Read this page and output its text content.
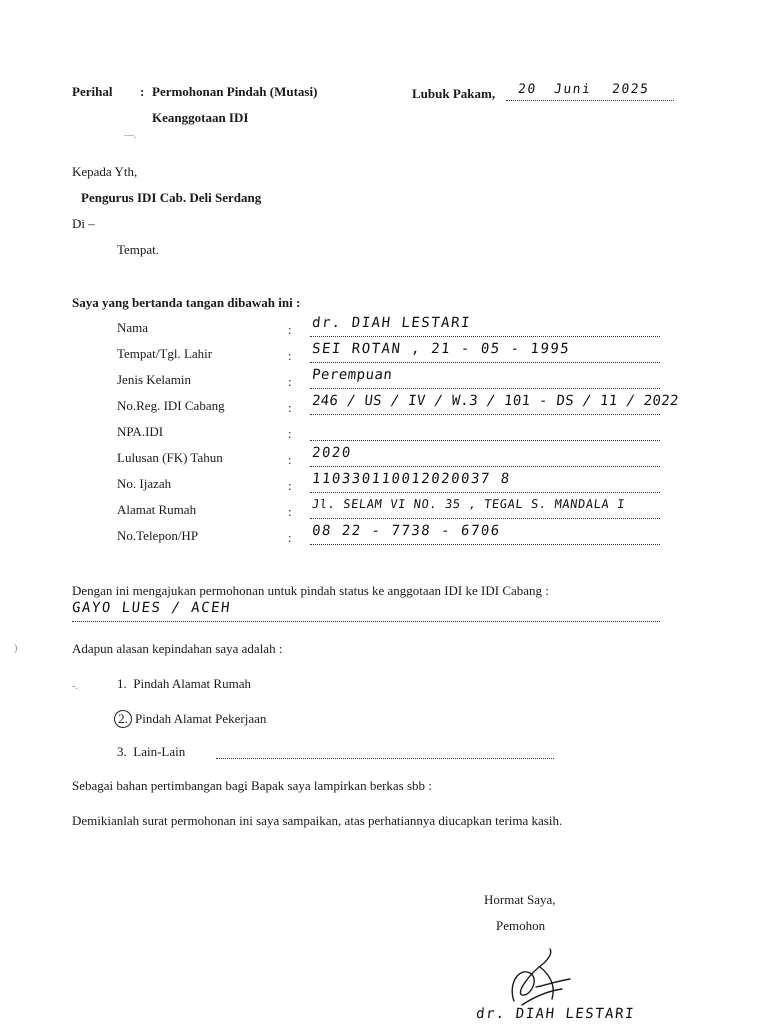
Perihal : Permohonan Pindah (Mutasi)
Keanggotaan IDI
—.
Lubuk Pakam, 20 Juni 2025
Kepada Yth,
Pengurus IDI Cab. Deli Serdang
Di –
Tempat.
Saya yang bertanda tangan dibawah ini :
Nama	: dr. DIAH LESTARI
Tempat/Tgl. Lahir	: SEI ROTAN , 21 - 05 - 1995
Jenis Kelamin	: Perempuan
No.Reg. IDI Cabang	: 246 / US / IV / W.3 / 101 - DS / 11 / 2022
NPA.IDI	:
Lulusan (FK) Tahun	: 2020
No. Ijazah	: 110330110012020037 8
Alamat Rumah	: Jl. SELAM VI NO. 35 , TEGAL S. MANDALA I
No.Telepon/HP	: 08 22 - 7738 - 6706
Dengan ini mengajukan permohonan untuk pindah status ke anggotaan IDI ke IDI Cabang :
GAYO LUES / ACEH
)	Adapun alasan kepindahan saya adalah :
-.	1. Pindah Alamat Rumah
2. Pindah Alamat Pekerjaan
3. Lain-Lain
Sebagai bahan pertimbangan bagi Bapak saya lampirkan berkas sbb :
Demikianlah surat permohonan ini saya sampaikan, atas perhatiannya diucapkan terima kasih.
Hormat Saya,
Pemohon
dr. DIAH LESTARI
